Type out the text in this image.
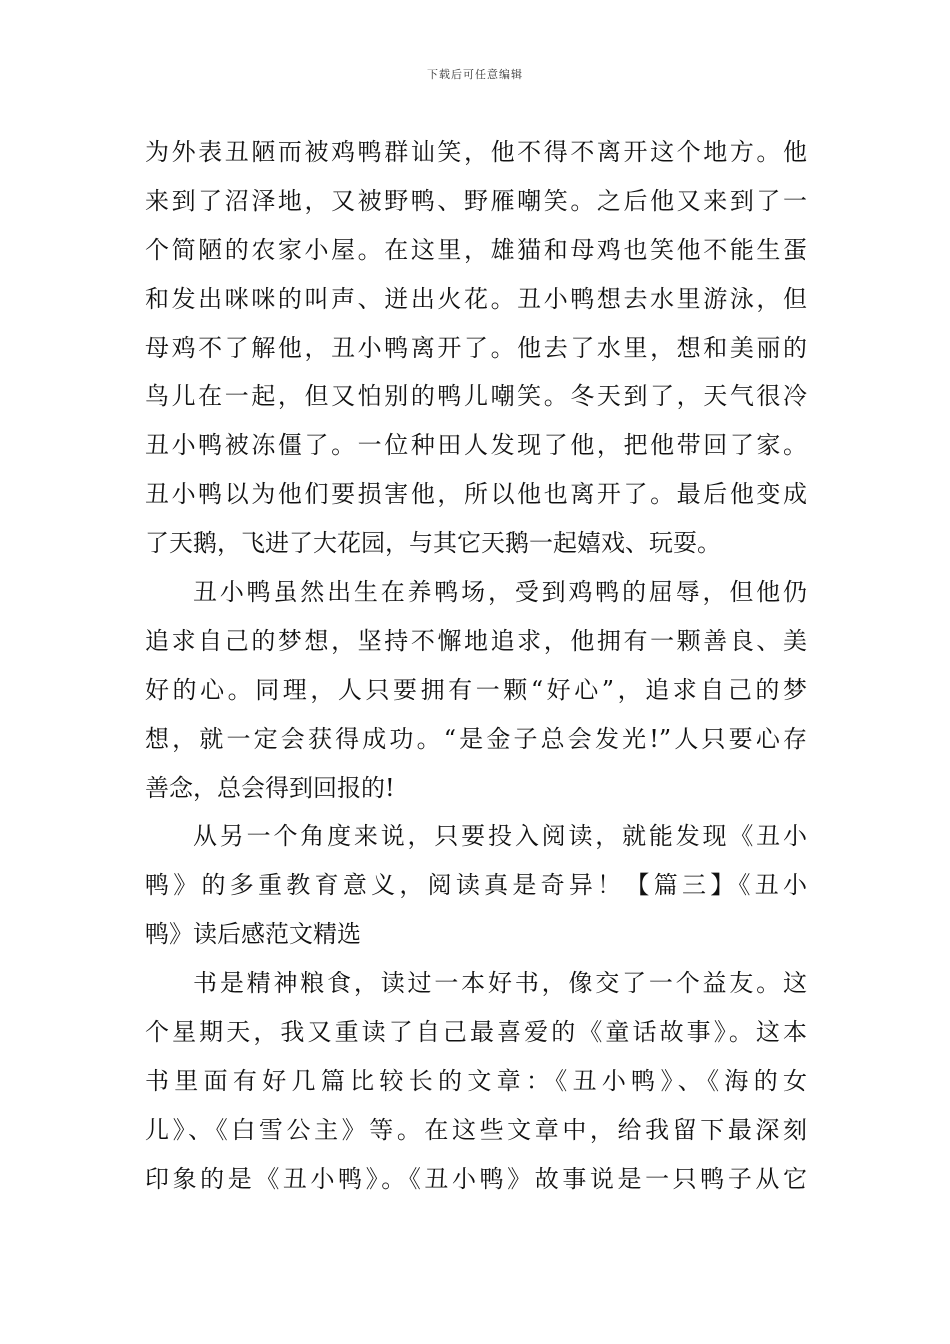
下载后可任意编辑
为外表丑陋而被鸡鸭群讪笑，他不得不离开这个地方。他
来到了沼泽地，又被野鸭、野雁嘲笑。之后他又来到了一
个简陋的农家小屋。在这里，雄猫和母鸡也笑他不能生蛋
和发出咪咪的叫声、迸出火花。丑小鸭想去水里游泳，但
母鸡不了解他，丑小鸭离开了。他去了水里，想和美丽的
鸟儿在一起，但又怕别的鸭儿嘲笑。冬天到了，天气很冷
丑小鸭被冻僵了。一位种田人发现了他，把他带回了家。
丑小鸭以为他们要损害他，所以他也离开了。最后他变成
了天鹅，飞进了大花园，与其它天鹅一起嬉戏、玩耍。
丑小鸭虽然出生在养鸭场，受到鸡鸭的屈辱，但他仍
追求自己的梦想，坚持不懈地追求，他拥有一颗善良、美
好的心。同理，人只要拥有一颗“好心”，追求自己的梦
想，就一定会获得成功。“是金子总会发光!”人只要心存
善念，总会得到回报的!
从另一个角度来说，只要投入阅读，就能发现《丑小
鸭》的多重教育意义，阅读真是奇异！【篇三】《丑小
鸭》读后感范文精选
书是精神粮食，读过一本好书，像交了一个益友。这
个星期天，我又重读了自己最喜爱的《童话故事》。这本
书里面有好几篇比较长的文章：《丑小鸭》、《海的女
儿》、《白雪公主》等。在这些文章中，给我留下最深刻
印象的是《丑小鸭》。《丑小鸭》故事说是一只鸭子从它
